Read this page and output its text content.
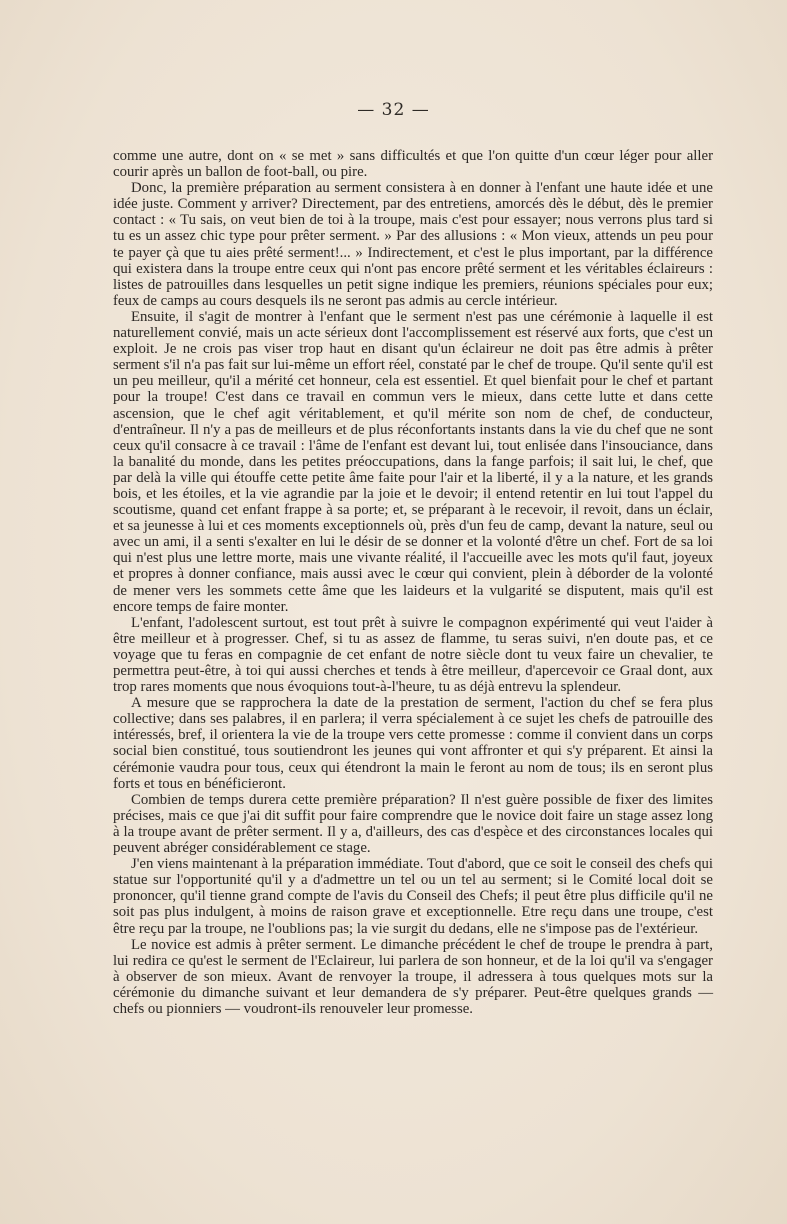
— 32 —

comme une autre, dont on « se met » sans difficultés et que l'on quitte d'un cœur léger pour aller courir après un ballon de foot-ball, ou pire.

Donc, la première préparation au serment consistera à en donner à l'enfant une haute idée et une idée juste. Comment y arriver? Directement, par des entretiens, amorcés dès le début, dès le premier contact : « Tu sais, on veut bien de toi à la troupe, mais c'est pour essayer; nous verrons plus tard si tu es un assez chic type pour prêter serment. » Par des allusions : « Mon vieux, attends un peu pour te payer çà que tu aies prêté serment!... » Indirectement, et c'est le plus important, par la différence qui existera dans la troupe entre ceux qui n'ont pas encore prêté serment et les véritables éclaireurs : listes de patrouilles dans lesquelles un petit signe indique les premiers, réunions spéciales pour eux; feux de camps au cours desquels ils ne seront pas admis au cercle intérieur.

Ensuite, il s'agit de montrer à l'enfant que le serment n'est pas une cérémonie à laquelle il est naturellement convié, mais un acte sérieux dont l'accomplissement est réservé aux forts, que c'est un exploit. Je ne crois pas viser trop haut en disant qu'un éclaireur ne doit pas être admis à prêter serment s'il n'a pas fait sur lui-même un effort réel, constaté par le chef de troupe. Qu'il sente qu'il est un peu meilleur, qu'il a mérité cet honneur, cela est essentiel. Et quel bienfait pour le chef et partant pour la troupe! C'est dans ce travail en commun vers le mieux, dans cette lutte et dans cette ascension, que le chef agit véritablement, et qu'il mérite son nom de chef, de conducteur, d'entraîneur. Il n'y a pas de meilleurs et de plus réconfortants instants dans la vie du chef que ne sont ceux qu'il consacre à ce travail : l'âme de l'enfant est devant lui, tout enlisée dans l'insouciance, dans la banalité du monde, dans les petites préoccupations, dans la fange parfois; il sait lui, le chef, que par delà la ville qui étouffe cette petite âme faite pour l'air et la liberté, il y a la nature, et les grands bois, et les étoiles, et la vie agrandie par la joie et le devoir; il entend retentir en lui tout l'appel du scoutisme, quand cet enfant frappe à sa porte; et, se préparant à le recevoir, il revoit, dans un éclair, et sa jeunesse à lui et ces moments exceptionnels où, près d'un feu de camp, devant la nature, seul ou avec un ami, il a senti s'exalter en lui le désir de se donner et la volonté d'être un chef. Fort de sa loi qui n'est plus une lettre morte, mais une vivante réalité, il l'accueille avec les mots qu'il faut, joyeux et propres à donner confiance, mais aussi avec le cœur qui convient, plein à déborder de la volonté de mener vers les sommets cette âme que les laideurs et la vulgarité se disputent, mais qu'il est encore temps de faire monter.

L'enfant, l'adolescent surtout, est tout prêt à suivre le compagnon expérimenté qui veut l'aider à être meilleur et à progresser. Chef, si tu as assez de flamme, tu seras suivi, n'en doute pas, et ce voyage que tu feras en compagnie de cet enfant de notre siècle dont tu veux faire un chevalier, te permettra peut-être, à toi qui aussi cherches et tends à être meilleur, d'apercevoir ce Graal dont, aux trop rares moments que nous évoquions tout-à-l'heure, tu as déjà entrevu la splendeur.

A mesure que se rapprochera la date de la prestation de serment, l'action du chef se fera plus collective; dans ses palabres, il en parlera; il verra spécialement à ce sujet les chefs de patrouille des intéressés, bref, il orientera la vie de la troupe vers cette promesse : comme il convient dans un corps social bien constitué, tous soutiendront les jeunes qui vont affronter et qui s'y préparent. Et ainsi la cérémonie vaudra pour tous, ceux qui étendront la main le feront au nom de tous; ils en seront plus forts et tous en bénéficieront.

Combien de temps durera cette première préparation? Il n'est guère possible de fixer des limites précises, mais ce que j'ai dit suffit pour faire comprendre que le novice doit faire un stage assez long à la troupe avant de prêter serment. Il y a, d'ailleurs, des cas d'espèce et des circonstances locales qui peuvent abréger considérablement ce stage.

J'en viens maintenant à la préparation immédiate. Tout d'abord, que ce soit le conseil des chefs qui statue sur l'opportunité qu'il y a d'admettre un tel ou un tel au serment; si le Comité local doit se prononcer, qu'il tienne grand compte de l'avis du Conseil des Chefs; il peut être plus difficile qu'il ne soit pas plus indulgent, à moins de raison grave et exceptionnelle. Etre reçu dans une troupe, c'est être reçu par la troupe, ne l'oublions pas; la vie surgit du dedans, elle ne s'impose pas de l'extérieur.

Le novice est admis à prêter serment. Le dimanche précédent le chef de troupe le prendra à part, lui redira ce qu'est le serment de l'Eclaireur, lui parlera de son honneur, et de la loi qu'il va s'engager à observer de son mieux. Avant de renvoyer la troupe, il adressera à tous quelques mots sur la cérémonie du dimanche suivant et leur demandera de s'y préparer. Peut-être quelques grands — chefs ou pionniers — voudront-ils renouveler leur promesse.
